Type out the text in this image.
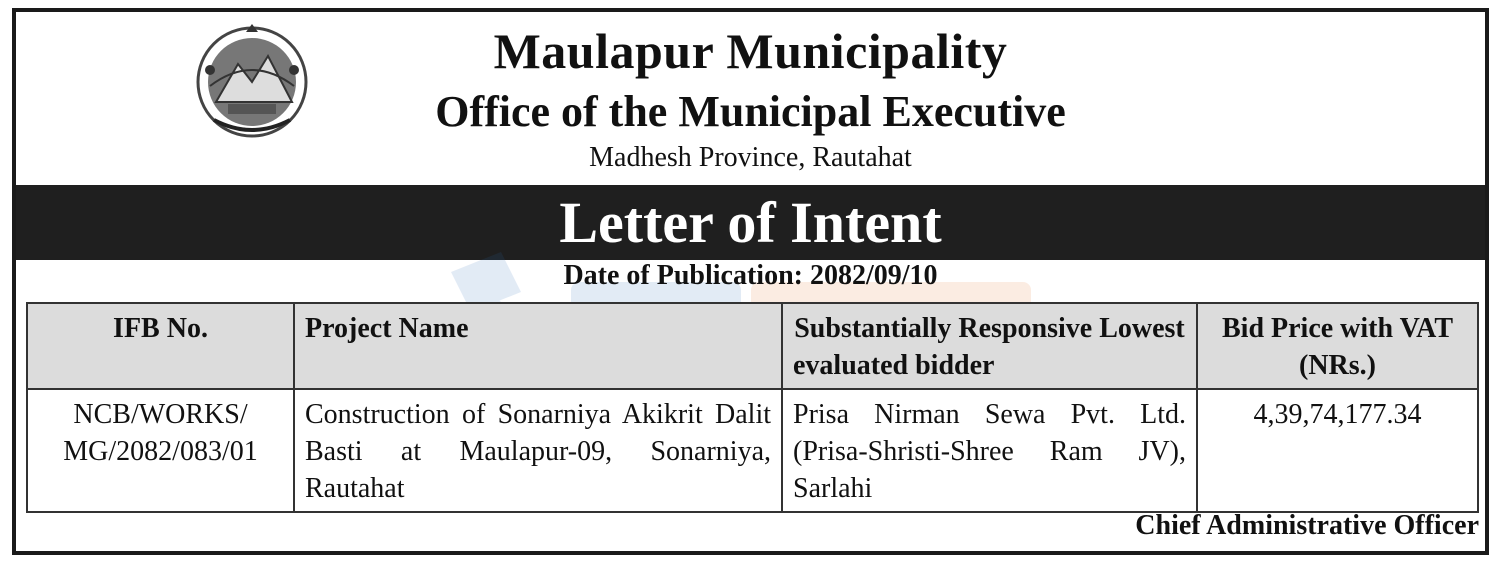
Maulapur Municipality
Office of the Municipal Executive
Madhesh Province, Rautahat
Letter of Intent
Date of Publication: 2082/09/10
IFB No.	Project Name	Substantially Responsive Lowest evaluated bidder	Bid Price with VAT (NRs.)
NCB/WORKS/ MG/2082/083/01	Construction of Sonarniya Akikrit Dalit Basti at Maulapur-09, Sonarniya, Rautahat	Prisa Nirman Sewa Pvt. Ltd. (Prisa-Shristi-Shree Ram JV), Sarlahi	4,39,74,177.34
Chief Administrative Officer
